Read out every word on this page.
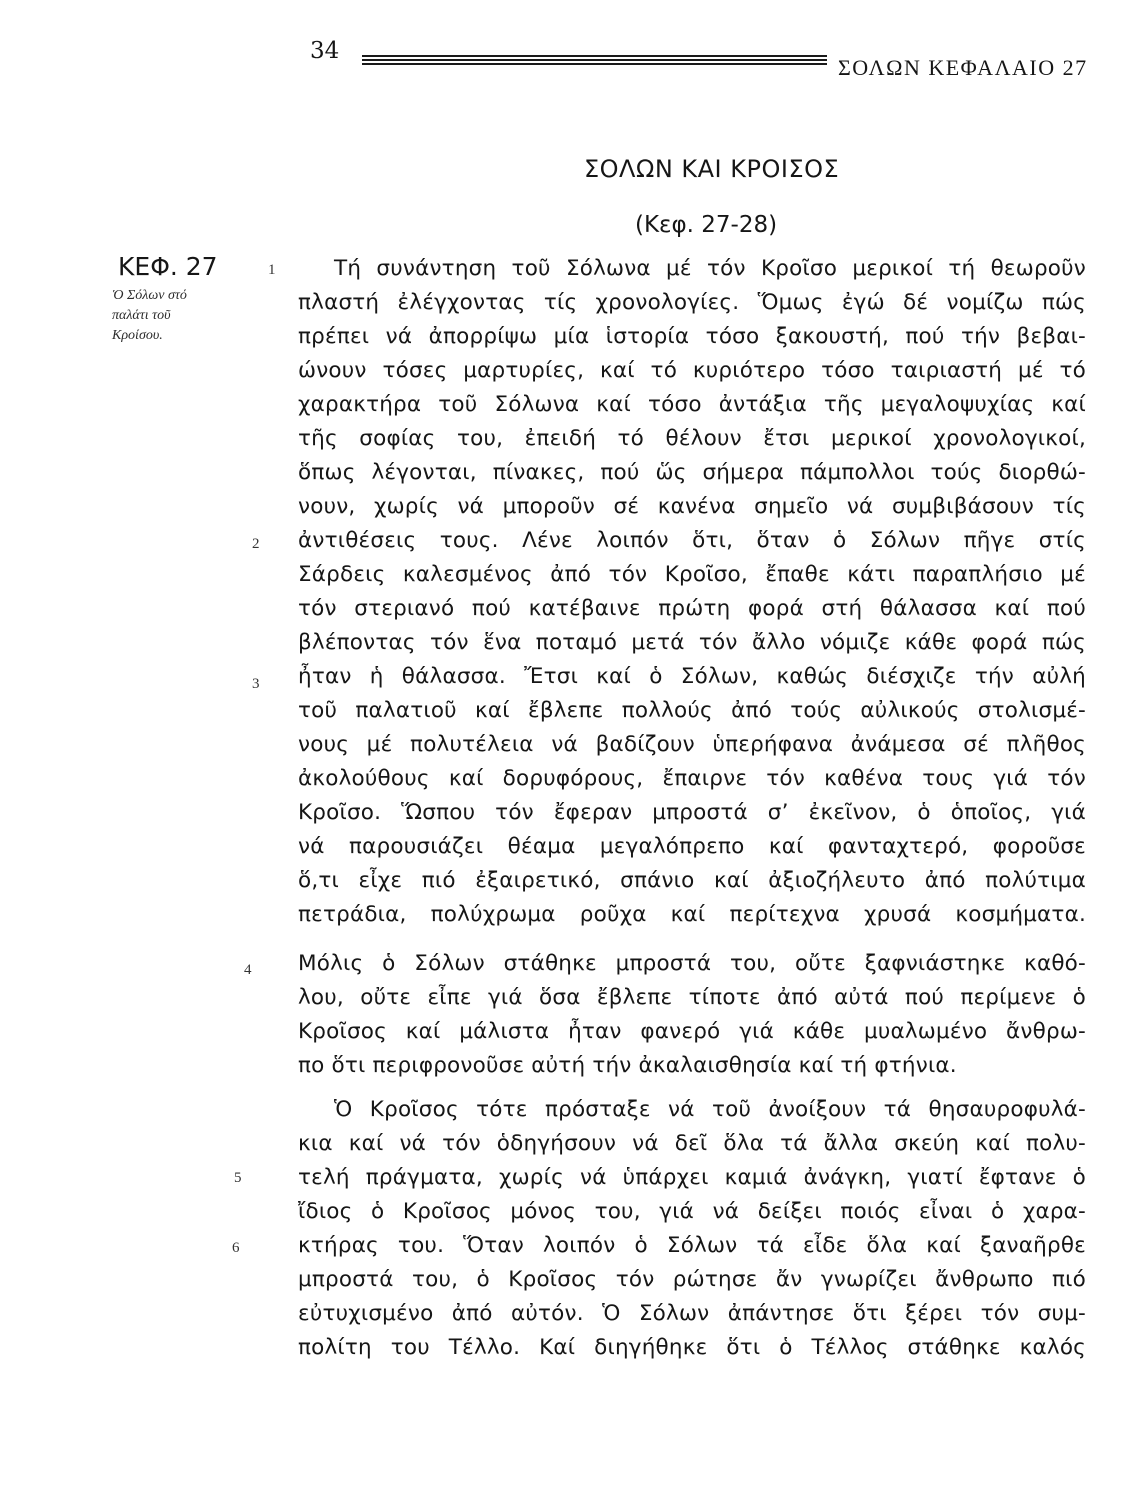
34
ΣΟΛΩΝ ΚΕΦΑΛΑΙΟ 27
ΣΟΛΩΝ ΚΑΙ ΚΡΟΙΣΟΣ
(Κεφ. 27-28)
ΚΕΦ. 27
Ὁ Σόλων στό
παλάτι τοῦ
Κροίσου.
1
2
3
4
5
6
Τή συνάντηση τοῦ Σόλωνα μέ τόν Κροῖσο μερικοί τή θεωροῦν
πλαστή ἐλέγχοντας τίς χρονολογίες. Ὅμως ἐγώ δέ νομίζω πώς
πρέπει νά ἀπορρίψω μία ἱστορία τόσο ξακουστή, πού τήν βεβαι-
ώνουν τόσες μαρτυρίες, καί τό κυριότερο τόσο ταιριαστή μέ τό
χαρακτήρα τοῦ Σόλωνα καί τόσο ἀντάξια τῆς μεγαλοψυχίας καί
τῆς σοφίας του, ἐπειδή τό θέλουν ἔτσι μερικοί χρονολογικοί,
ὅπως λέγονται, πίνακες, πού ὥς σήμερα πάμπολλοι τούς διορθώ-
νουν, χωρίς νά μποροῦν σέ κανένα σημεῖο νά συμβιβάσουν τίς
ἀντιθέσεις τους. Λένε λοιπόν ὅτι, ὅταν ὁ Σόλων πῆγε στίς
Σάρδεις καλεσμένος ἀπό τόν Κροῖσο, ἔπαθε κάτι παραπλήσιο μέ
τόν στεριανό πού κατέβαινε πρώτη φορά στή θάλασσα καί πού
βλέποντας τόν ἕνα ποταμό μετά τόν ἄλλο νόμιζε κάθε φορά πώς
ἦταν ἡ θάλασσα. Ἔτσι καί ὁ Σόλων, καθώς διέσχιζε τήν αὐλή
τοῦ παλατιοῦ καί ἔβλεπε πολλούς ἀπό τούς αὐλικούς στολισμέ-
νους μέ πολυτέλεια νά βαδίζουν ὑπερήφανα ἀνάμεσα σέ πλῆθος
ἀκολούθους καί δορυφόρους, ἔπαιρνε τόν καθένα τους γιά τόν
Κροῖσο. Ὥσπου τόν ἔφεραν μπροστά σ’ ἐκεῖνον, ὁ ὁποῖος, γιά
νά παρουσιάζει θέαμα μεγαλόπρεπο καί φανταχτερό, φοροῦσε
ὅ,τι εἶχε πιό ἐξαιρετικό, σπάνιο καί ἀξιοζήλευτο ἀπό πολύτιμα
πετράδια, πολύχρωμα ροῦχα καί περίτεχνα χρυσά κοσμήματα.
Μόλις ὁ Σόλων στάθηκε μπροστά του, οὔτε ξαφνιάστηκε καθό-
λου, οὔτε εἶπε γιά ὅσα ἔβλεπε τίποτε ἀπό αὐτά πού περίμενε ὁ
Κροῖσος καί μάλιστα ἦταν φανερό γιά κάθε μυαλωμένο ἄνθρω-
πο ὅτι περιφρονοῦσε αὐτή τήν ἀκαλαισθησία καί τή φτήνια.
Ὁ Κροῖσος τότε πρόσταξε νά τοῦ ἀνοίξουν τά θησαυροφυλά-
κια καί νά τόν ὁδηγήσουν νά δεῖ ὅλα τά ἄλλα σκεύη καί πολυ-
τελή πράγματα, χωρίς νά ὑπάρχει καμιά ἀνάγκη, γιατί ἔφτανε ὁ
ἴδιος ὁ Κροῖσος μόνος του, γιά νά δείξει ποιός εἶναι ὁ χαρα-
κτήρας του. Ὅταν λοιπόν ὁ Σόλων τά εἶδε ὅλα καί ξαναῆρθε
μπροστά του, ὁ Κροῖσος τόν ρώτησε ἄν γνωρίζει ἄνθρωπο πιό
εὐτυχισμένο ἀπό αὐτόν. Ὁ Σόλων ἀπάντησε ὅτι ξέρει τόν συμ-
πολίτη του Τέλλο. Καί διηγήθηκε ὅτι ὁ Τέλλος στάθηκε καλός
